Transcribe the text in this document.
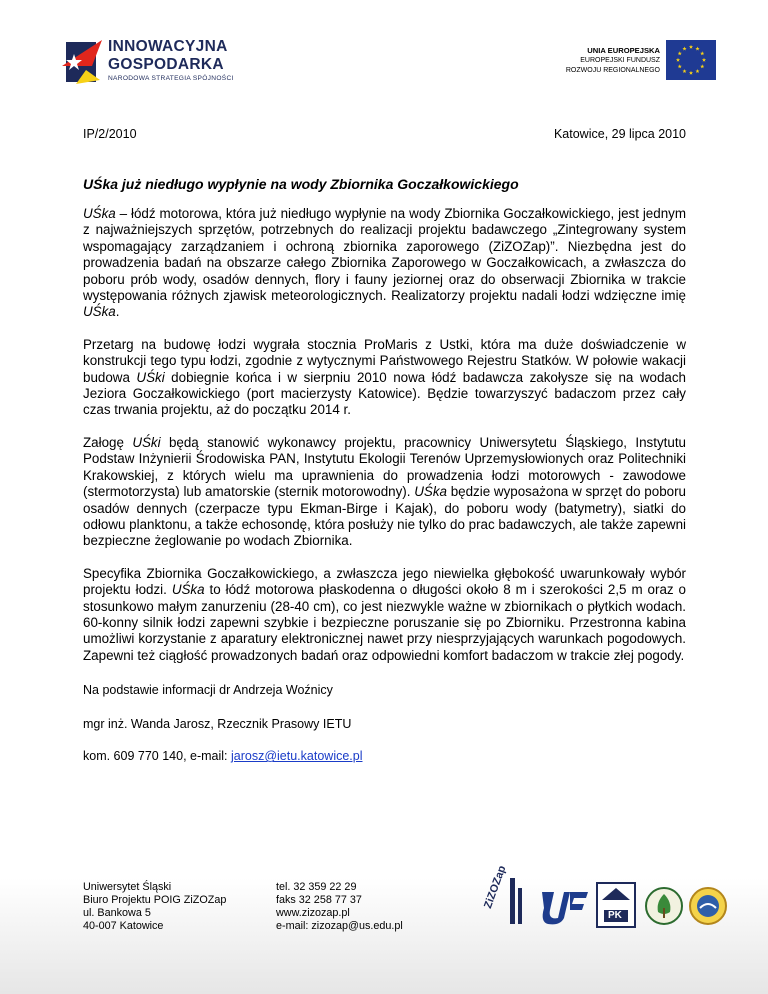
INNOWACYJNA
GOSPODARKA
NARODOWA STRATEGIA SPÓJNOŚCI
UNIA EUROPEJSKA
EUROPEJSKI FUNDUSZ
ROZWOJU REGIONALNEGO
IP/2/2010	Katowice, 29 lipca 2010
UŚka już niedługo wypłynie na wody Zbiornika Goczałkowickiego

UŚka – łódź motorowa, która już niedługo wypłynie na wody Zbiornika Goczałkowickiego, jest jednym z najważniejszych sprzętów, potrzebnych do realizacji projektu badawczego „Zintegrowany system wspomagający zarządzaniem i ochroną zbiornika zaporowego (ZiZOZap)”. Niezbędna jest do prowadzenia badań na obszarze całego Zbiornika Zaporowego w Goczałkowicach, a zwłaszcza do poboru prób wody, osadów dennych, flory i fauny jeziornej oraz do obserwacji Zbiornika w trakcie występowania różnych zjawisk meteorologicznych. Realizatorzy projektu nadali łodzi wdzięczne imię UŚka.

Przetarg na budowę łodzi wygrała stocznia ProMaris z Ustki, która ma duże doświadczenie w konstrukcji tego typu łodzi, zgodnie z wytycznymi Państwowego Rejestru Statków. W połowie wakacji budowa UŚki dobiegnie końca i w sierpniu 2010 nowa łódź badawcza zakołysze się na wodach Jeziora Goczałkowickiego (port macierzysty Katowice). Będzie towarzyszyć badaczom przez cały czas trwania projektu, aż do początku 2014 r.

Załogę UŚki będą stanowić wykonawcy projektu, pracownicy Uniwersytetu Śląskiego, Instytutu Podstaw Inżynierii Środowiska PAN, Instytutu Ekologii Terenów Uprzemysłowionych oraz Politechniki Krakowskiej, z których wielu ma uprawnienia do prowadzenia łodzi motorowych - zawodowe (stermotorzysta) lub amatorskie (sternik motorowodny). UŚka będzie wyposażona w sprzęt do poboru osadów dennych (czerpacze typu Ekman-Birge i Kajak), do poboru wody (batymetry), siatki do odłowu planktonu, a także echosondę, która posłuży nie tylko do prac badawczych, ale także zapewni bezpieczne żeglowanie po wodach Zbiornika.

Specyfika Zbiornika Goczałkowickiego, a zwłaszcza jego niewielka głębokość uwarunkowały wybór projektu łodzi. UŚka to łódź motorowa płaskodenna o długości około 8 m i szerokości 2,5 m oraz o stosunkowo małym zanurzeniu (28-40 cm), co jest niezwykle ważne w zbiornikach o płytkich wodach. 60-konny silnik łodzi zapewni szybkie i bezpieczne poruszanie się po Zbiorniku. Przestronna kabina umożliwi korzystanie z aparatury elektronicznej nawet przy niesprzyjających warunkach pogodowych. Zapewni też ciągłość prowadzonych badań oraz odpowiedni komfort badaczom w trakcie złej pogody.

Na podstawie informacji dr Andrzeja Woźnicy

mgr inż. Wanda Jarosz, Rzecznik Prasowy IETU

kom. 609 770 140, e-mail: jarosz@ietu.katowice.pl

Uniwersytet Śląski
Biuro Projektu POIG ZiZOZap
ul. Bankowa 5
40-007 Katowice
tel. 32 359 22 29
faks 32 258 77 37
www.zizozap.pl
e-mail: zizozap@us.edu.pl
ZiZOZap
PK
